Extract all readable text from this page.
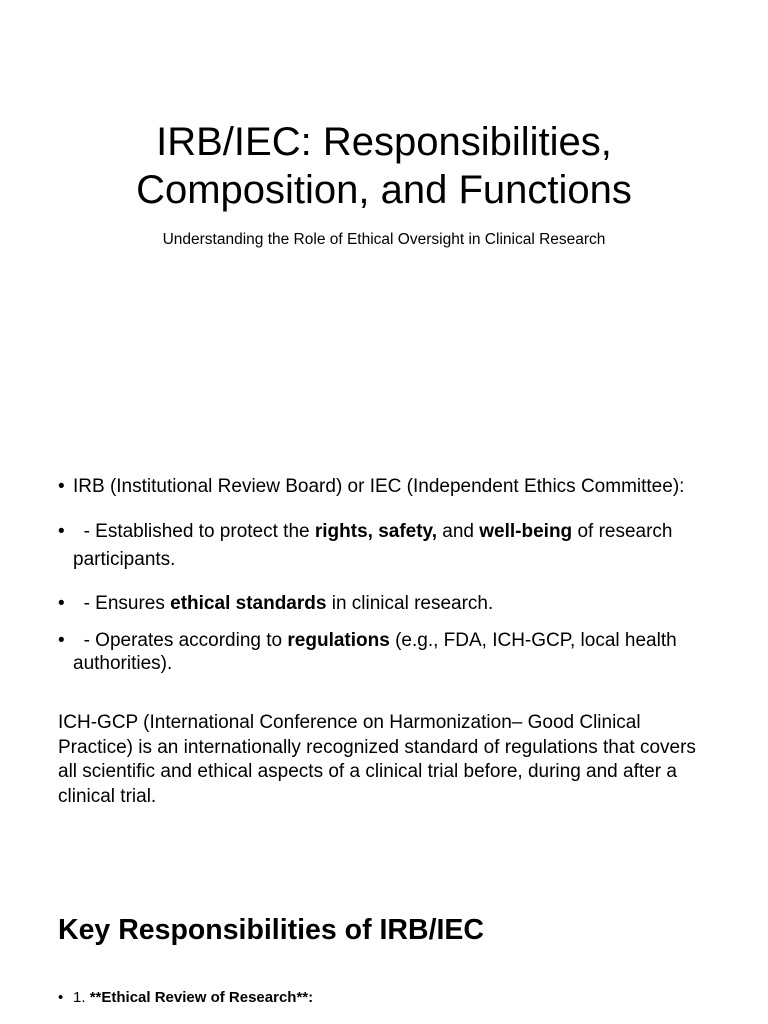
IRB/IEC: Responsibilities,
Composition, and Functions

Understanding the Role of Ethical Oversight in Clinical Research

• IRB (Institutional Review Board) or IEC (Independent Ethics Committee):
• - Established to protect the rights, safety, and well-being of research participants.
• - Ensures ethical standards in clinical research.
• - Operates according to regulations (e.g., FDA, ICH-GCP, local health authorities).

ICH-GCP (International Conference on Harmonization– Good Clinical Practice) is an internationally recognized standard of regulations that covers all scientific and ethical aspects of a clinical trial before, during and after a clinical trial.

Key Responsibilities of IRB/IEC
• 1. **Ethical Review of Research**:
